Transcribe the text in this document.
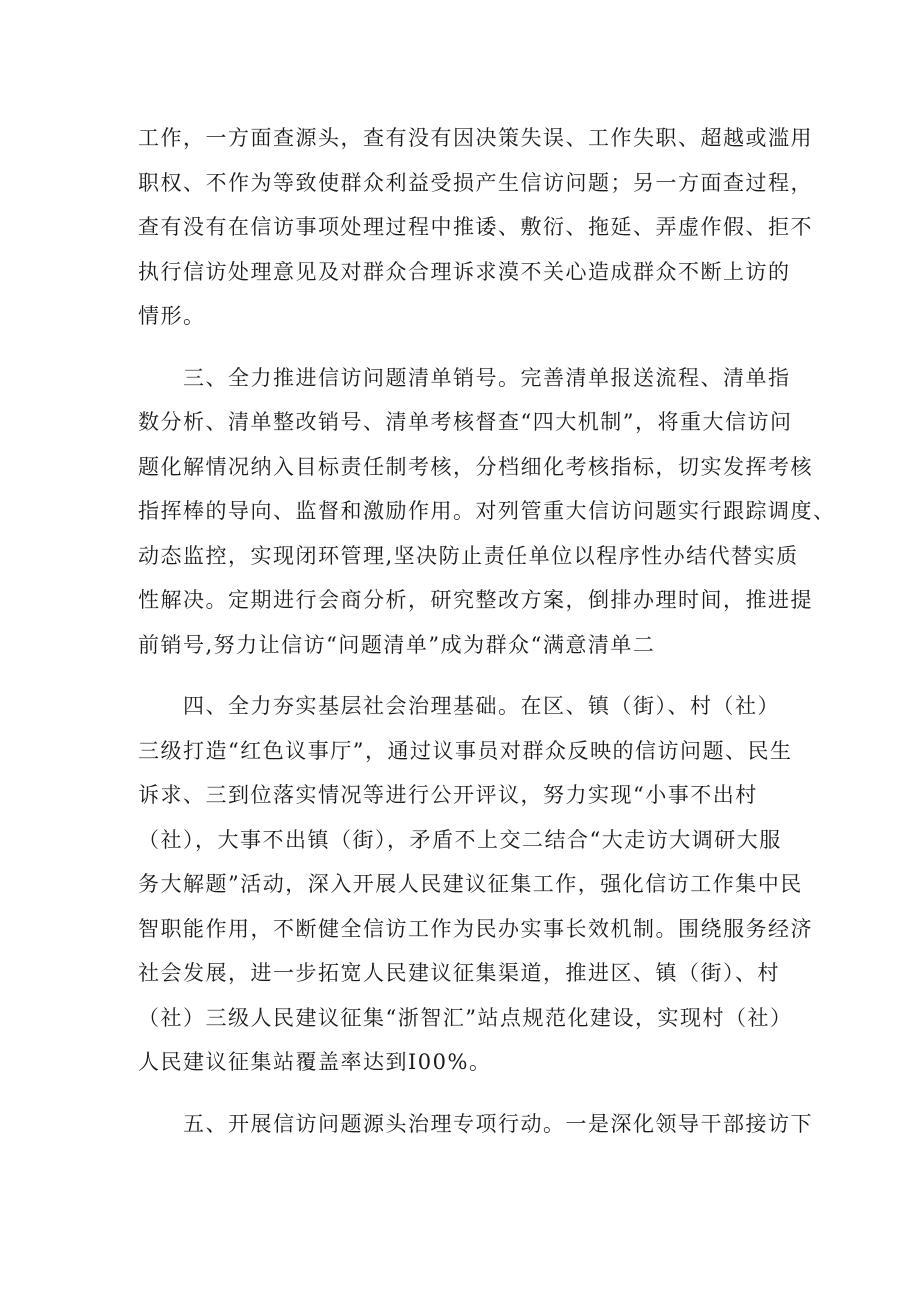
工作，一方面查源头，查有没有因决策失误、工作失职、超越或滥用
职权、不作为等致使群众利益受损产生信访问题；另一方面查过程，
查有没有在信访事项处理过程中推诿、敷衍、拖延、弄虚作假、拒不
执行信访处理意见及对群众合理诉求漠不关心造成群众不断上访的
情形。
　　三、全力推进信访问题清单销号。完善清单报送流程、清单指
数分析、清单整改销号、清单考核督查“四大机制”，将重大信访问
题化解情况纳入目标责任制考核，分档细化考核指标，切实发挥考核
指挥棒的导向、监督和激励作用。对列管重大信访问题实行跟踪调度、
动态监控，实现闭环管理,坚决防止责任单位以程序性办结代替实质
性解决。定期进行会商分析，研究整改方案，倒排办理时间，推进提
前销号,努力让信访“问题清单”成为群众“满意清单二
　　四、全力夯实基层社会治理基础。在区、镇（街）、村（社）
三级打造“红色议事厅”，通过议事员对群众反映的信访问题、民生
诉求、三到位落实情况等进行公开评议，努力实现“小事不出村
（社），大事不出镇（街），矛盾不上交二结合“大走访大调研大服
务大解题”活动，深入开展人民建议征集工作，强化信访工作集中民
智职能作用，不断健全信访工作为民办实事长效机制。围绕服务经济
社会发展，进一步拓宽人民建议征集渠道，推进区、镇（街）、村
（社）三级人民建议征集“浙智汇”站点规范化建设，实现村（社）
人民建议征集站覆盖率达到I00%。
　　五、开展信访问题源头治理专项行动。一是深化领导干部接访下
